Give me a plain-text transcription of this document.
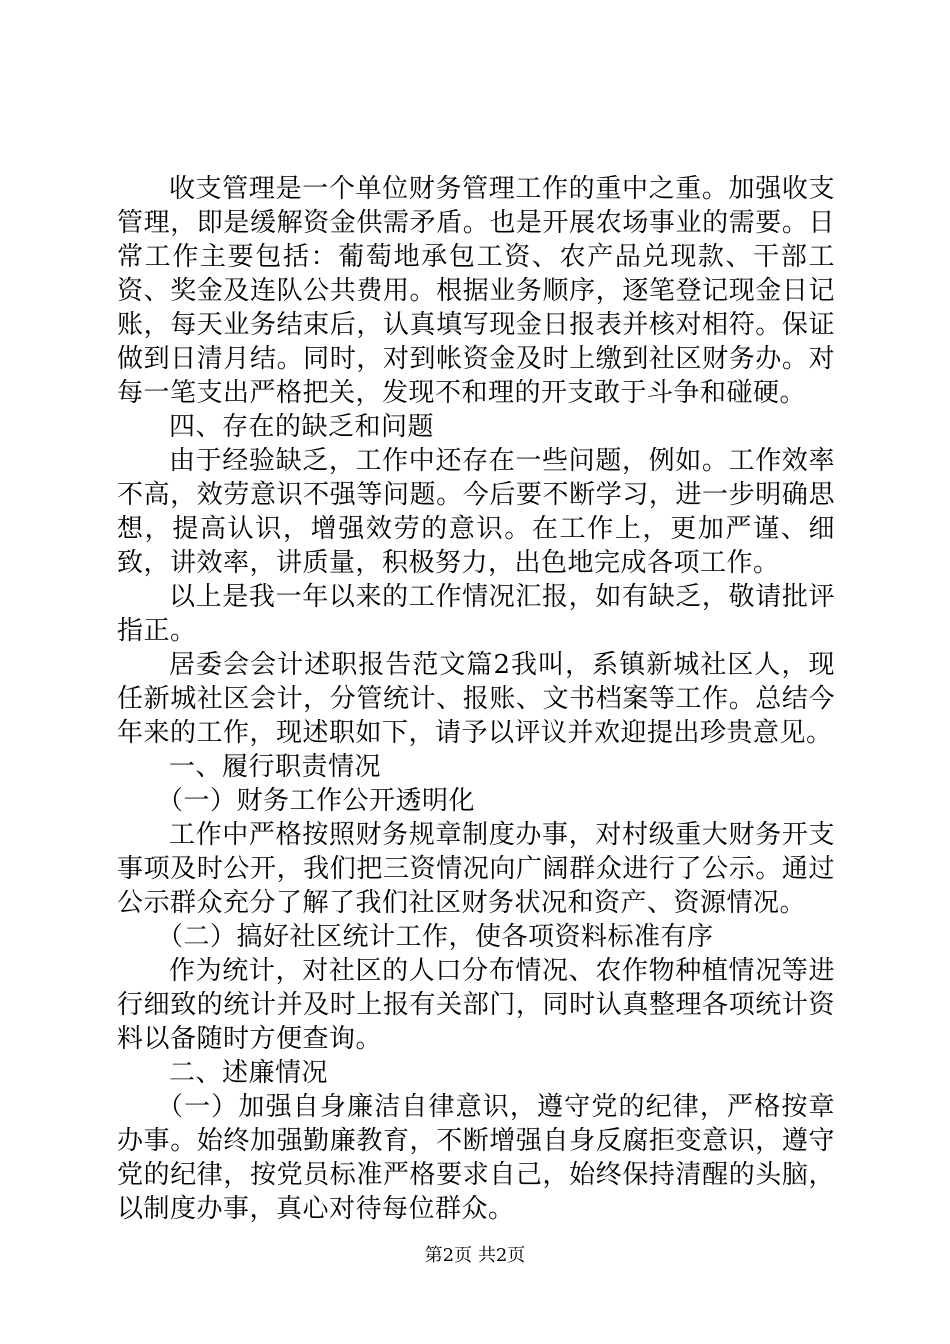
收支管理是一个单位财务管理工作的重中之重。加强收支管理，即是缓解资金供需矛盾。也是开展农场事业的需要。日常工作主要包括：葡萄地承包工资、农产品兑现款、干部工资、奖金及连队公共费用。根据业务顺序，逐笔登记现金日记账，每天业务结束后，认真填写现金日报表并核对相符。保证做到日清月结。同时，对到帐资金及时上缴到社区财务办。对每一笔支出严格把关，发现不和理的开支敢于斗争和碰硬。

四、存在的缺乏和问题

由于经验缺乏，工作中还存在一些问题，例如。工作效率不高，效劳意识不强等问题。今后要不断学习，进一步明确思想，提高认识，增强效劳的意识。在工作上，更加严谨、细致，讲效率，讲质量，积极努力，出色地完成各项工作。

以上是我一年以来的工作情况汇报，如有缺乏，敬请批评指正。

居委会会计述职报告范文篇2我叫，系镇新城社区人，现任新城社区会计，分管统计、报账、文书档案等工作。总结今年来的工作，现述职如下，请予以评议并欢迎提出珍贵意见。

一、履行职责情况

（一）财务工作公开透明化

工作中严格按照财务规章制度办事，对村级重大财务开支事项及时公开，我们把三资情况向广阔群众进行了公示。通过公示群众充分了解了我们社区财务状况和资产、资源情况。

（二）搞好社区统计工作，使各项资料标准有序

作为统计，对社区的人口分布情况、农作物种植情况等进行细致的统计并及时上报有关部门，同时认真整理各项统计资料以备随时方便查询。

二、述廉情况

（一）加强自身廉洁自律意识，遵守党的纪律，严格按章办事。始终加强勤廉教育，不断增强自身反腐拒变意识，遵守党的纪律，按党员标准严格要求自己，始终保持清醒的头脑，以制度办事，真心对待每位群众。

第2页 共2页
